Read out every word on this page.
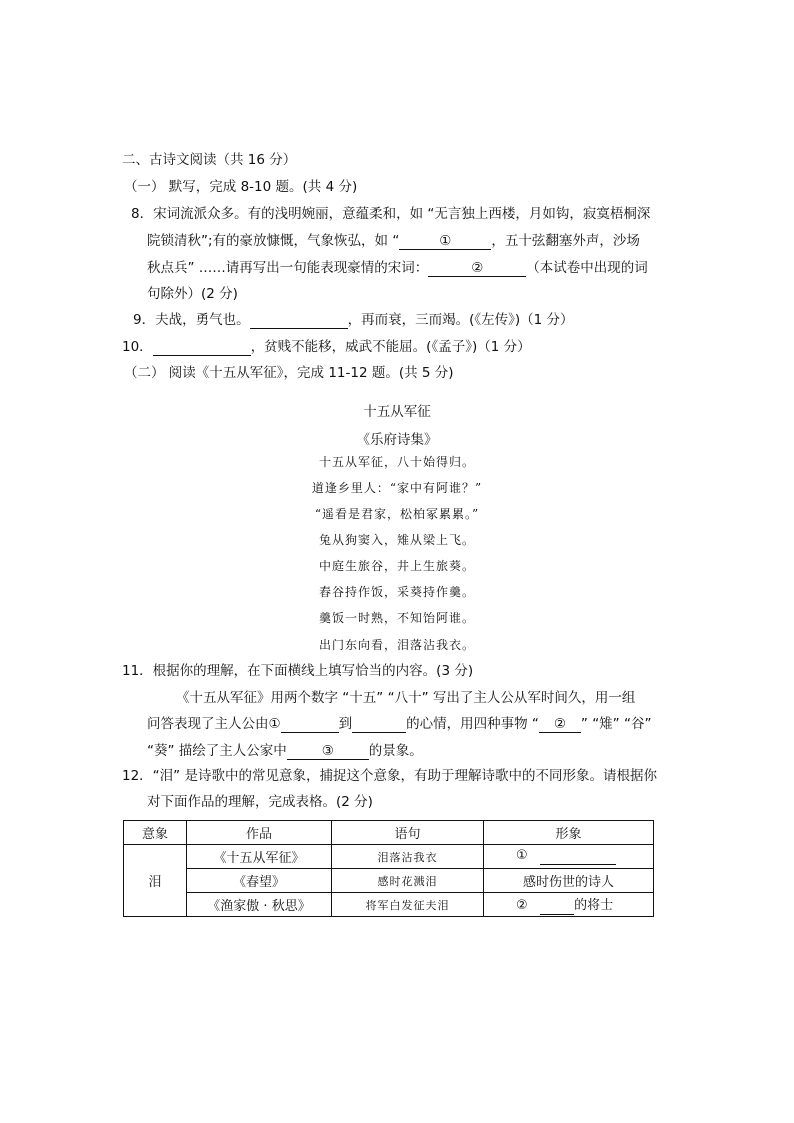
二、古诗文阅读（共 16 分）
（一） 默写，完成 8-10 题。(共 4 分)
8．宋词流派众多。有的浅明婉丽，意蕴柔和，如 “无言独上西楼，月如钩，寂寞梧桐深
院锁清秋”;有的豪放慷慨，气象恢弘，如 “	①	，五十弦翻塞外声，沙场
秋点兵” ……请再写出一句能表现豪情的宋词：	②	（本试卷中出现的词
句除外）(2 分)
9．夫战，勇气也。	，再而衰，三而竭。(《左传》)（1 分）
10．	，贫贱不能移，威武不能屈。(《孟子》)（1 分）
（二） 阅读《十五从军征》，完成 11-12 题。(共 5 分)
十五从军征
《乐府诗集》
十五从军征，八十始得归。
道逢乡里人：“家中有阿谁？”
“遥看是君家，松柏冢累累。”
兔从狗窦入，雉从梁上飞。
中庭生旅谷，井上生旅葵。
舂谷持作饭，采葵持作羹。
羹饭一时熟，不知饴阿谁。
出门东向看，泪落沾我衣。
11．根据你的理解，在下面横线上填写恰当的内容。(3 分)
《十五从军征》用两个数字 “十五” “八十” 写出了主人公从军时间久，用一组
问答表现了主人公由①	到	的心情，用四种事物 “ ② ” “雉” “谷”
“葵” 描绘了主人公家中	③	的景象。
12．“泪” 是诗歌中的常见意象，捕捉这个意象，有助于理解诗歌中的不同形象。请根据你
对下面作品的理解，完成表格。(2 分)
意象	作品	语句	形象
泪	《十五从军征》	泪落沾我衣	①
	《春望》	感时花溅泪	感时伤世的诗人
	《渔家傲 · 秋思》	将军白发征夫泪	② 的将士
